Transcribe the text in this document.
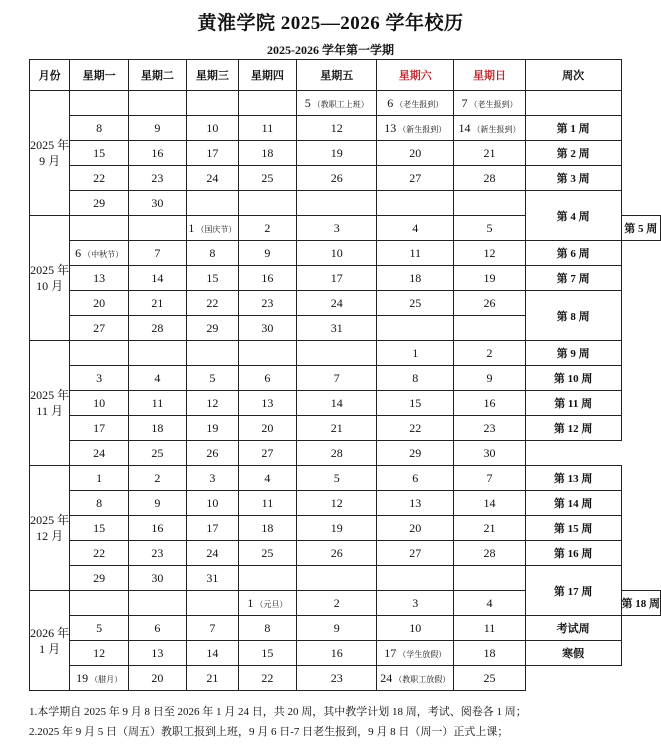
黄淮学院 2025—2026 学年校历
2025-2026 学年第一学期
月份	星期一	星期二	星期三	星期四	星期五	星期六	星期日	周次	

2025 年
9 月					5 （教职工上班）	6 （老生报到）	7 （老生报到）		
	8	9	10	11	12	13 （新生报到）	14 （新生报到）	第 1 周	
	15	16	17	18	19	20	21	第 2 周	
	22	23	24	25	26	27	28	第 3 周	
	29	30						第 4 周	

2025 年
10 月			1 （国庆节）	2	3	4	5		第 5 周
	6 （中秋节）	7	8	9	10	11	12	第 6 周	
	13	14	15	16	17	18	19	第 7 周	
	20	21	22	23	24	25	26	第 8 周	
	27	28	29	30	31				

2025 年
11 月						1	2	第 9 周	
	3	4	5	6	7	8	9	第 10 周	
	10	11	12	13	14	15	16	第 11 周	
	17	18	19	20	21	22	23	第 12 周	
	24	25	26	27	28	29	30		

2025 年
12 月	1	2	3	4	5	6	7	第 13 周	
	8	9	10	11	12	13	14	第 14 周	
	15	16	17	18	19	20	21	第 15 周	
	22	23	24	25	26	27	28	第 16 周	
	29	30	31					第 17 周	

2026 年
1 月				1 （元旦）	2	3	4		第 18 周
	5	6	7	8	9	10	11	考试周	
	12	13	14	15	16	17 （学生放假）	18	寒假	
	19 （腊月）	20	21	22	23	24 （教职工放假）	25		
1.本学期自 2025 年 9 月 8 日至 2026 年 1 月 24 日，共 20 周，其中教学计划 18 周，考试、阅卷各 1 周；
2.2025 年 9 月 5 日（周五）教职工报到上班，9 月 6 日-7 日老生报到，9 月 8 日（周一）正式上课；
